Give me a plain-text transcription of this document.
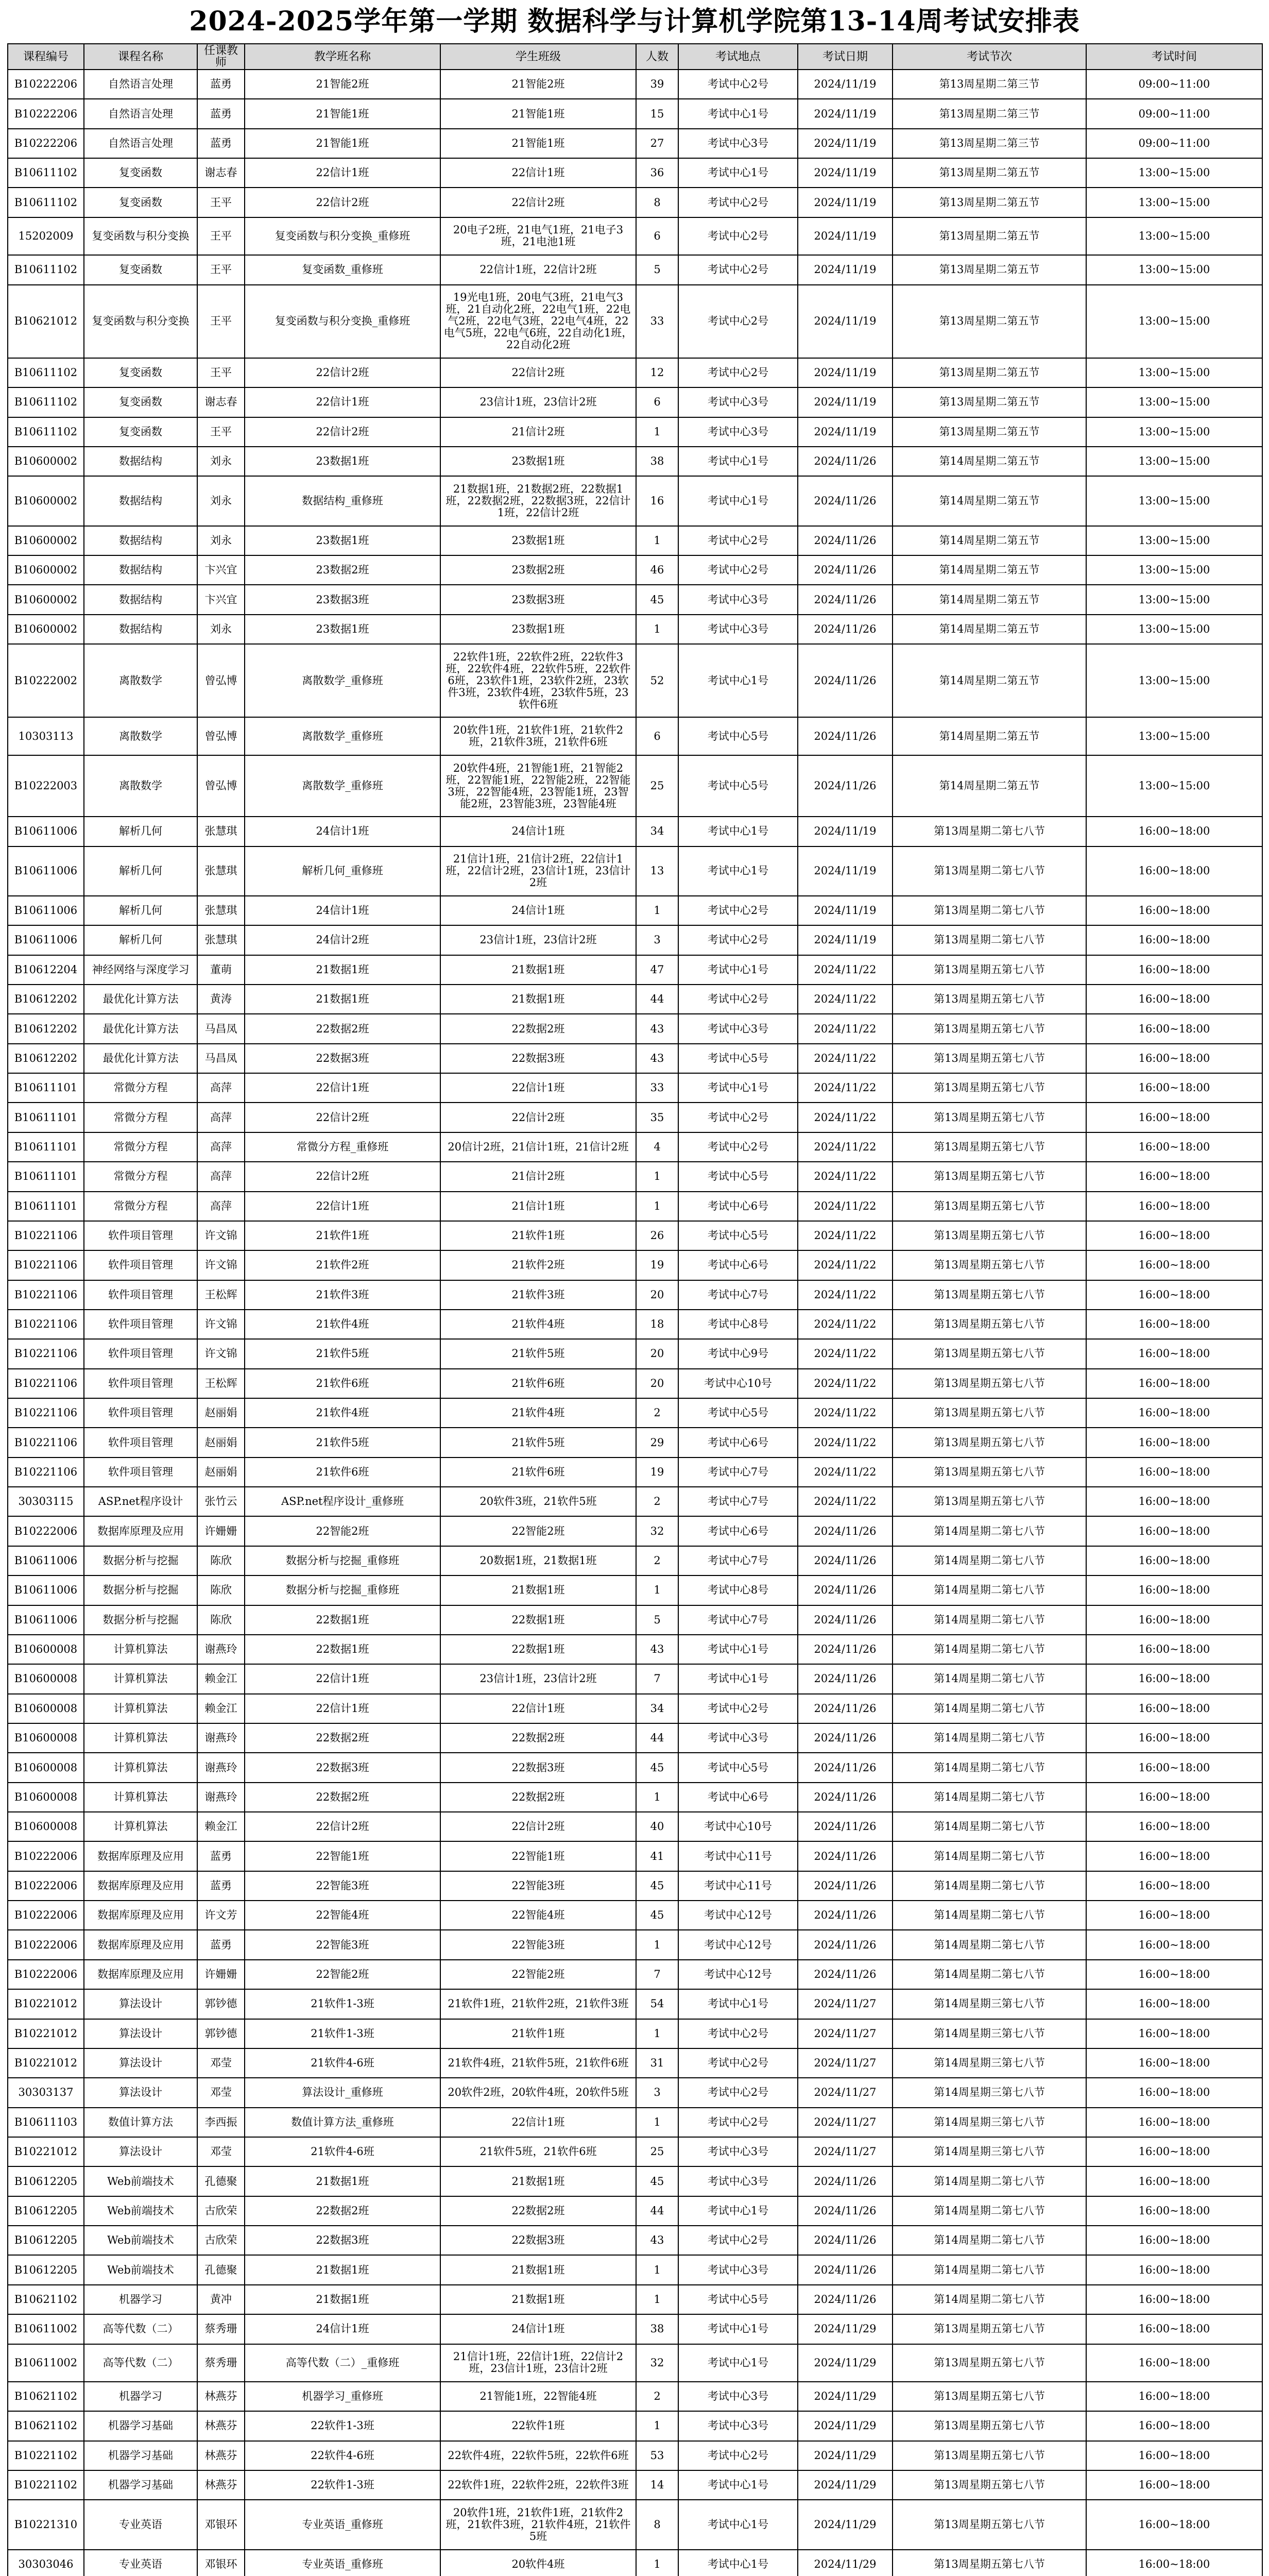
2024-2025学年第一学期 数据科学与计算机学院第13-14周考试安排表
课程编号	课程名称	任课教师	教学班名称	学生班级	人数	考试地点	考试日期	考试节次	考试时间
B10222206	自然语言处理	蓝勇	21智能2班	21智能2班	39	考试中心2号	2024/11/19	第13周星期二第三节	09:00~11:00
B10222206	自然语言处理	蓝勇	21智能1班	21智能1班	15	考试中心1号	2024/11/19	第13周星期二第三节	09:00~11:00
B10222206	自然语言处理	蓝勇	21智能1班	21智能1班	27	考试中心3号	2024/11/19	第13周星期二第三节	09:00~11:00
B10611102	复变函数	谢志春	22信计1班	22信计1班	36	考试中心1号	2024/11/19	第13周星期二第五节	13:00~15:00
B10611102	复变函数	王平	22信计2班	22信计2班	8	考试中心2号	2024/11/19	第13周星期二第五节	13:00~15:00
15202009	复变函数与积分变换	王平	复变函数与积分变换_重修班	20电子2班，21电气1班，21电子3班，21电池1班	6	考试中心2号	2024/11/19	第13周星期二第五节	13:00~15:00
B10611102	复变函数	王平	复变函数_重修班	22信计1班，22信计2班	5	考试中心2号	2024/11/19	第13周星期二第五节	13:00~15:00
B10621012	复变函数与积分变换	王平	复变函数与积分变换_重修班	19光电1班，20电气3班，21电气3班，21自动化2班，22电气1班，22电气2班，22电气3班，22电气4班，22电气5班，22电气6班，22自动化1班，22自动化2班	33	考试中心2号	2024/11/19	第13周星期二第五节	13:00~15:00
B10611102	复变函数	王平	22信计2班	22信计2班	12	考试中心2号	2024/11/19	第13周星期二第五节	13:00~15:00
B10611102	复变函数	谢志春	22信计1班	23信计1班，23信计2班	6	考试中心3号	2024/11/19	第13周星期二第五节	13:00~15:00
B10611102	复变函数	王平	22信计2班	21信计2班	1	考试中心3号	2024/11/19	第13周星期二第五节	13:00~15:00
B10600002	数据结构	刘永	23数据1班	23数据1班	38	考试中心1号	2024/11/26	第14周星期二第五节	13:00~15:00
B10600002	数据结构	刘永	数据结构_重修班	21数据1班，21数据2班，22数据1班，22数据2班，22数据3班，22信计1班，22信计2班	16	考试中心1号	2024/11/26	第14周星期二第五节	13:00~15:00
B10600002	数据结构	刘永	23数据1班	23数据1班	1	考试中心2号	2024/11/26	第14周星期二第五节	13:00~15:00
B10600002	数据结构	卞兴宜	23数据2班	23数据2班	46	考试中心2号	2024/11/26	第14周星期二第五节	13:00~15:00
B10600002	数据结构	卞兴宜	23数据3班	23数据3班	45	考试中心3号	2024/11/26	第14周星期二第五节	13:00~15:00
B10600002	数据结构	刘永	23数据1班	23数据1班	1	考试中心3号	2024/11/26	第14周星期二第五节	13:00~15:00
B10222002	离散数学	曾弘博	离散数学_重修班	22软件1班，22软件2班，22软件3班，22软件4班，22软件5班，22软件6班，23软件1班，23软件2班，23软件3班，23软件4班，23软件5班，23软件6班	52	考试中心1号	2024/11/26	第14周星期二第五节	13:00~15:00
10303113	离散数学	曾弘博	离散数学_重修班	20软件1班，21软件1班，21软件2班，21软件3班，21软件6班	6	考试中心5号	2024/11/26	第14周星期二第五节	13:00~15:00
B10222003	离散数学	曾弘博	离散数学_重修班	20软件4班，21智能1班，21智能2班，22智能1班，22智能2班，22智能3班，22智能4班，23智能1班，23智能2班，23智能3班，23智能4班	25	考试中心5号	2024/11/26	第14周星期二第五节	13:00~15:00
B10611006	解析几何	张慧琪	24信计1班	24信计1班	34	考试中心1号	2024/11/19	第13周星期二第七八节	16:00~18:00
B10611006	解析几何	张慧琪	解析几何_重修班	21信计1班，21信计2班，22信计1班，22信计2班，23信计1班，23信计2班	13	考试中心1号	2024/11/19	第13周星期二第七八节	16:00~18:00
B10611006	解析几何	张慧琪	24信计1班	24信计1班	1	考试中心2号	2024/11/19	第13周星期二第七八节	16:00~18:00
B10611006	解析几何	张慧琪	24信计2班	23信计1班，23信计2班	3	考试中心2号	2024/11/19	第13周星期二第七八节	16:00~18:00
B10612204	神经网络与深度学习	董萌	21数据1班	21数据1班	47	考试中心1号	2024/11/22	第13周星期五第七八节	16:00~18:00
B10612202	最优化计算方法	黄涛	21数据1班	21数据1班	44	考试中心2号	2024/11/22	第13周星期五第七八节	16:00~18:00
B10612202	最优化计算方法	马昌凤	22数据2班	22数据2班	43	考试中心3号	2024/11/22	第13周星期五第七八节	16:00~18:00
B10612202	最优化计算方法	马昌凤	22数据3班	22数据3班	43	考试中心5号	2024/11/22	第13周星期五第七八节	16:00~18:00
B10611101	常微分方程	高萍	22信计1班	22信计1班	33	考试中心1号	2024/11/22	第13周星期五第七八节	16:00~18:00
B10611101	常微分方程	高萍	22信计2班	22信计2班	35	考试中心2号	2024/11/22	第13周星期五第七八节	16:00~18:00
B10611101	常微分方程	高萍	常微分方程_重修班	20信计2班，21信计1班，21信计2班	4	考试中心2号	2024/11/22	第13周星期五第七八节	16:00~18:00
B10611101	常微分方程	高萍	22信计2班	21信计2班	1	考试中心5号	2024/11/22	第13周星期五第七八节	16:00~18:00
B10611101	常微分方程	高萍	22信计1班	21信计1班	1	考试中心6号	2024/11/22	第13周星期五第七八节	16:00~18:00
B10221106	软件项目管理	许文锦	21软件1班	21软件1班	26	考试中心5号	2024/11/22	第13周星期五第七八节	16:00~18:00
B10221106	软件项目管理	许文锦	21软件2班	21软件2班	19	考试中心6号	2024/11/22	第13周星期五第七八节	16:00~18:00
B10221106	软件项目管理	王松辉	21软件3班	21软件3班	20	考试中心7号	2024/11/22	第13周星期五第七八节	16:00~18:00
B10221106	软件项目管理	许文锦	21软件4班	21软件4班	18	考试中心8号	2024/11/22	第13周星期五第七八节	16:00~18:00
B10221106	软件项目管理	许文锦	21软件5班	21软件5班	20	考试中心9号	2024/11/22	第13周星期五第七八节	16:00~18:00
B10221106	软件项目管理	王松辉	21软件6班	21软件6班	20	考试中心10号	2024/11/22	第13周星期五第七八节	16:00~18:00
B10221106	软件项目管理	赵丽娟	21软件4班	21软件4班	2	考试中心5号	2024/11/22	第13周星期五第七八节	16:00~18:00
B10221106	软件项目管理	赵丽娟	21软件5班	21软件5班	29	考试中心6号	2024/11/22	第13周星期五第七八节	16:00~18:00
B10221106	软件项目管理	赵丽娟	21软件6班	21软件6班	19	考试中心7号	2024/11/22	第13周星期五第七八节	16:00~18:00
30303115	ASP.net程序设计	张竹云	ASP.net程序设计_重修班	20软件3班，21软件5班	2	考试中心7号	2024/11/22	第13周星期五第七八节	16:00~18:00
B10222006	数据库原理及应用	许姗姗	22智能2班	22智能2班	32	考试中心6号	2024/11/26	第14周星期二第七八节	16:00~18:00
B10611006	数据分析与挖掘	陈欣	数据分析与挖掘_重修班	20数据1班，21数据1班	2	考试中心7号	2024/11/26	第14周星期二第七八节	16:00~18:00
B10611006	数据分析与挖掘	陈欣	数据分析与挖掘_重修班	21数据1班	1	考试中心8号	2024/11/26	第14周星期二第七八节	16:00~18:00
B10611006	数据分析与挖掘	陈欣	22数据1班	22数据1班	5	考试中心7号	2024/11/26	第14周星期二第七八节	16:00~18:00
B10600008	计算机算法	谢燕玲	22数据1班	22数据1班	43	考试中心1号	2024/11/26	第14周星期二第七八节	16:00~18:00
B10600008	计算机算法	赖金江	22信计1班	23信计1班，23信计2班	7	考试中心1号	2024/11/26	第14周星期二第七八节	16:00~18:00
B10600008	计算机算法	赖金江	22信计1班	22信计1班	34	考试中心2号	2024/11/26	第14周星期二第七八节	16:00~18:00
B10600008	计算机算法	谢燕玲	22数据2班	22数据2班	44	考试中心3号	2024/11/26	第14周星期二第七八节	16:00~18:00
B10600008	计算机算法	谢燕玲	22数据3班	22数据3班	45	考试中心5号	2024/11/26	第14周星期二第七八节	16:00~18:00
B10600008	计算机算法	谢燕玲	22数据2班	22数据2班	1	考试中心6号	2024/11/26	第14周星期二第七八节	16:00~18:00
B10600008	计算机算法	赖金江	22信计2班	22信计2班	40	考试中心10号	2024/11/26	第14周星期二第七八节	16:00~18:00
B10222006	数据库原理及应用	蓝勇	22智能1班	22智能1班	41	考试中心11号	2024/11/26	第14周星期二第七八节	16:00~18:00
B10222006	数据库原理及应用	蓝勇	22智能3班	22智能3班	45	考试中心11号	2024/11/26	第14周星期二第七八节	16:00~18:00
B10222006	数据库原理及应用	许文芳	22智能4班	22智能4班	45	考试中心12号	2024/11/26	第14周星期二第七八节	16:00~18:00
B10222006	数据库原理及应用	蓝勇	22智能3班	22智能3班	1	考试中心12号	2024/11/26	第14周星期二第七八节	16:00~18:00
B10222006	数据库原理及应用	许姗姗	22智能2班	22智能2班	7	考试中心12号	2024/11/26	第14周星期二第七八节	16:00~18:00
B10221012	算法设计	郭钞德	21软件1-3班	21软件1班，21软件2班，21软件3班	54	考试中心1号	2024/11/27	第14周星期三第七八节	16:00~18:00
B10221012	算法设计	郭钞德	21软件1-3班	21软件1班	1	考试中心2号	2024/11/27	第14周星期三第七八节	16:00~18:00
B10221012	算法设计	邓莹	21软件4-6班	21软件4班，21软件5班，21软件6班	31	考试中心2号	2024/11/27	第14周星期三第七八节	16:00~18:00
30303137	算法设计	邓莹	算法设计_重修班	20软件2班，20软件4班，20软件5班	3	考试中心2号	2024/11/27	第14周星期三第七八节	16:00~18:00
B10611103	数值计算方法	李西振	数值计算方法_重修班	22信计1班	1	考试中心2号	2024/11/27	第14周星期三第七八节	16:00~18:00
B10221012	算法设计	邓莹	21软件4-6班	21软件5班，21软件6班	25	考试中心3号	2024/11/27	第14周星期三第七八节	16:00~18:00
B10612205	Web前端技术	孔德聚	21数据1班	21数据1班	45	考试中心3号	2024/11/26	第14周星期二第七八节	16:00~18:00
B10612205	Web前端技术	古欣荣	22数据2班	22数据2班	44	考试中心1号	2024/11/26	第14周星期二第七八节	16:00~18:00
B10612205	Web前端技术	古欣荣	22数据3班	22数据3班	43	考试中心2号	2024/11/26	第14周星期二第七八节	16:00~18:00
B10612205	Web前端技术	孔德聚	21数据1班	21数据1班	1	考试中心3号	2024/11/26	第14周星期二第七八节	16:00~18:00
B10621102	机器学习	黄冲	21数据1班	21数据1班	1	考试中心5号	2024/11/26	第14周星期二第七八节	16:00~18:00
B10611002	高等代数（二）	蔡秀珊	24信计1班	24信计1班	38	考试中心1号	2024/11/29	第13周星期五第七八节	16:00~18:00
B10611002	高等代数（二）	蔡秀珊	高等代数（二）_重修班	21信计1班，22信计1班，22信计2班，23信计1班，23信计2班	32	考试中心1号	2024/11/29	第13周星期五第七八节	16:00~18:00
B10621102	机器学习	林燕芬	机器学习_重修班	21智能1班，22智能4班	2	考试中心3号	2024/11/29	第13周星期五第七八节	16:00~18:00
B10621102	机器学习基础	林燕芬	22软件1-3班	22软件1班	1	考试中心3号	2024/11/29	第13周星期五第七八节	16:00~18:00
B10221102	机器学习基础	林燕芬	22软件4-6班	22软件4班，22软件5班，22软件6班	53	考试中心2号	2024/11/29	第13周星期五第七八节	16:00~18:00
B10221102	机器学习基础	林燕芬	22软件1-3班	22软件1班，22软件2班，22软件3班	14	考试中心1号	2024/11/29	第13周星期五第七八节	16:00~18:00
B10221310	专业英语	邓银环	专业英语_重修班	20软件1班，21软件1班，21软件2班，21软件3班，21软件4班，21软件5班	8	考试中心1号	2024/11/29	第13周星期五第七八节	16:00~18:00
30303046	专业英语	邓银环	专业英语_重修班	20软件4班	1	考试中心1号	2024/11/29	第13周星期五第七八节	16:00~18:00
